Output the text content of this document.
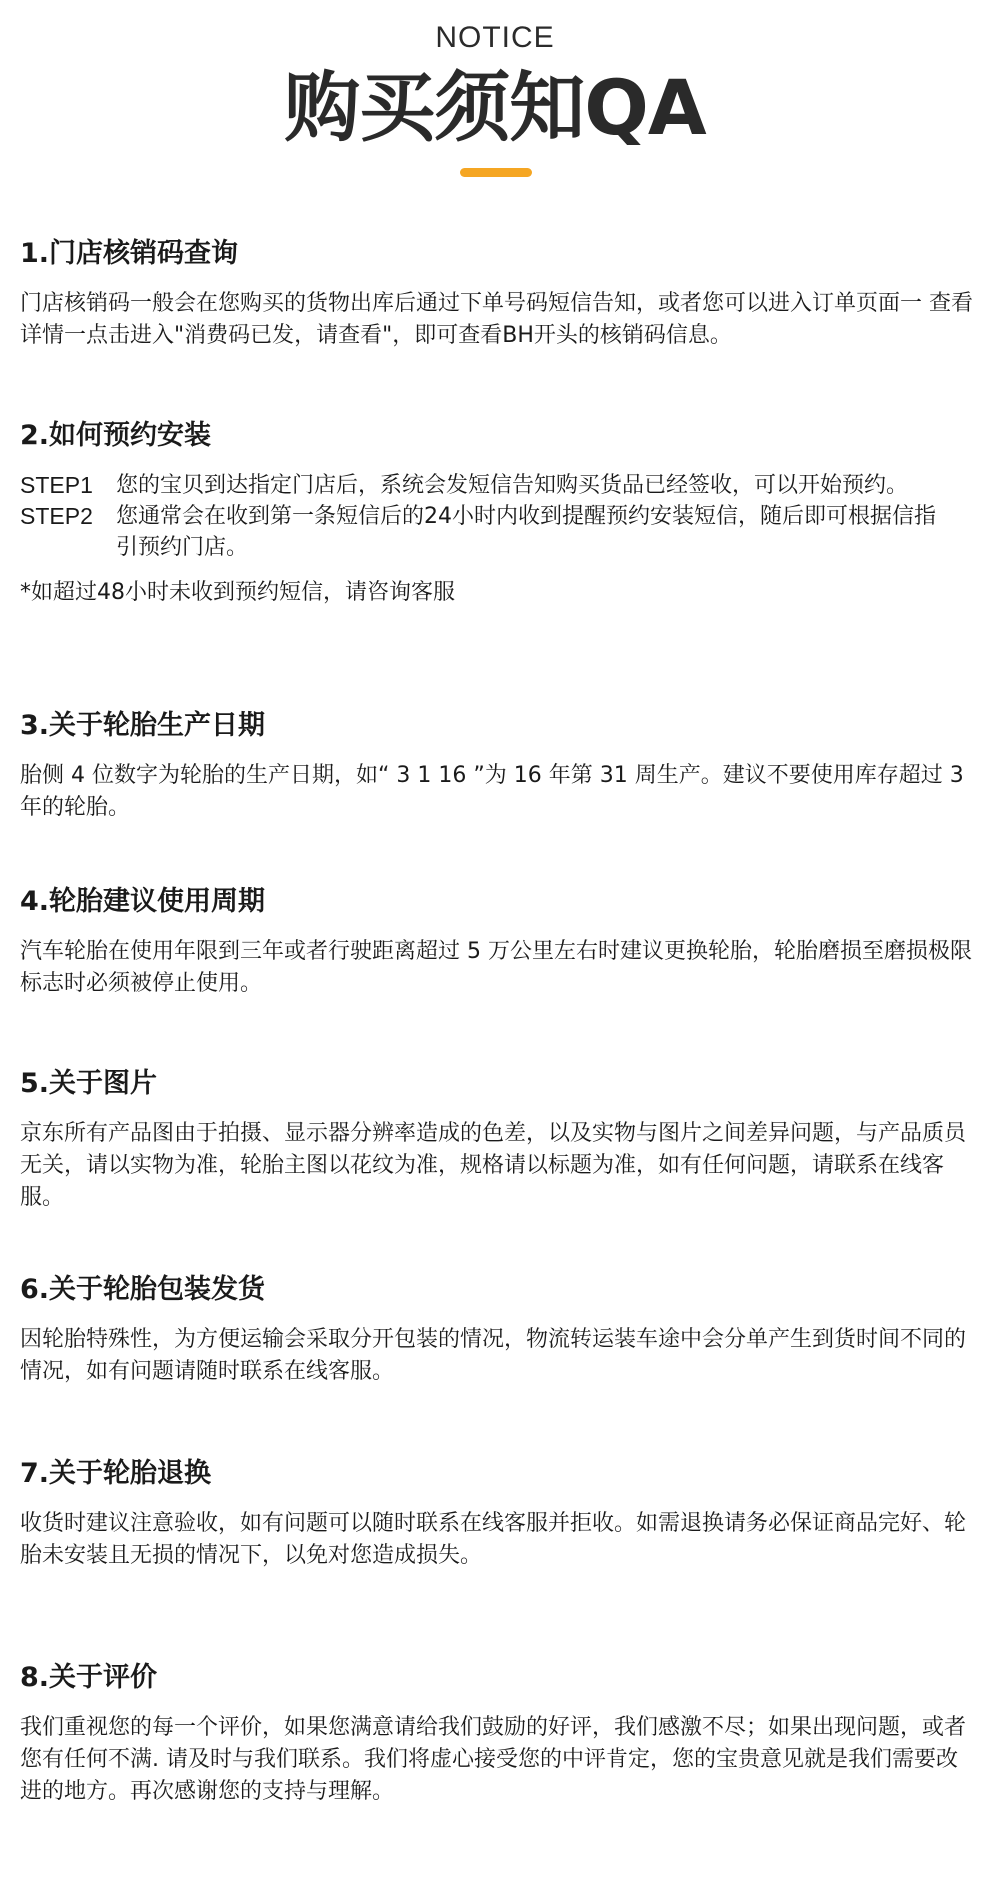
NOTICE
购买须知QA
1.门店核销码查询

门店核销码一般会在您购买的货物出库后通过下单号码短信告知，或者您可以进入订单页面一 查看详情一点击进入"消费码已发，请查看"，即可查看BH开头的核销码信息。

2.如何预约安装
STEP1	您的宝贝到达指定门店后，系统会发短信告知购买货品已经签收，可以开始预约。
STEP2	您通常会在收到第一条短信后的24小时内收到提醒预约安装短信，随后即可根据信指引预约门店。
*如超过48小时未收到预约短信，请咨询客服
3.关于轮胎生产日期

胎侧 4 位数字为轮胎的生产日期，如“ 3 1 16 ”为 16 年第 31 周生产。建议不要使用库存超过 3 年的轮胎。

4.轮胎建议使用周期

汽车轮胎在使用年限到三年或者行驶距离超过 5 万公里左右时建议更换轮胎，轮胎磨损至磨损极限标志时必须被停止使用。

5.关于图片

京东所有产品图由于拍摄、显示器分辨率造成的色差，以及实物与图片之间差异问题，与产品质员无关，请以实物为准，轮胎主图以花纹为准，规格请以标题为准，如有任何问题，请联系在线客服。

6.关于轮胎包装发货

因轮胎特殊性，为方便运输会采取分开包装的情况，物流转运装车途中会分单产生到货时间不同的情况，如有问题请随时联系在线客服。

7.关于轮胎退换

收货时建议注意验收，如有问题可以随时联系在线客服并拒收。如需退换请务必保证商品完好、轮胎未安装且无损的情况下，以免对您造成损失。

8.关于评价

我们重视您的每一个评价，如果您满意请给我们鼓励的好评，我们感激不尽；如果出现问题，或者您有任何不满. 请及时与我们联系。我们将虚心接受您的中评肯定，您的宝贵意见就是我们需要改进的地方。再次感谢您的支持与理解。
